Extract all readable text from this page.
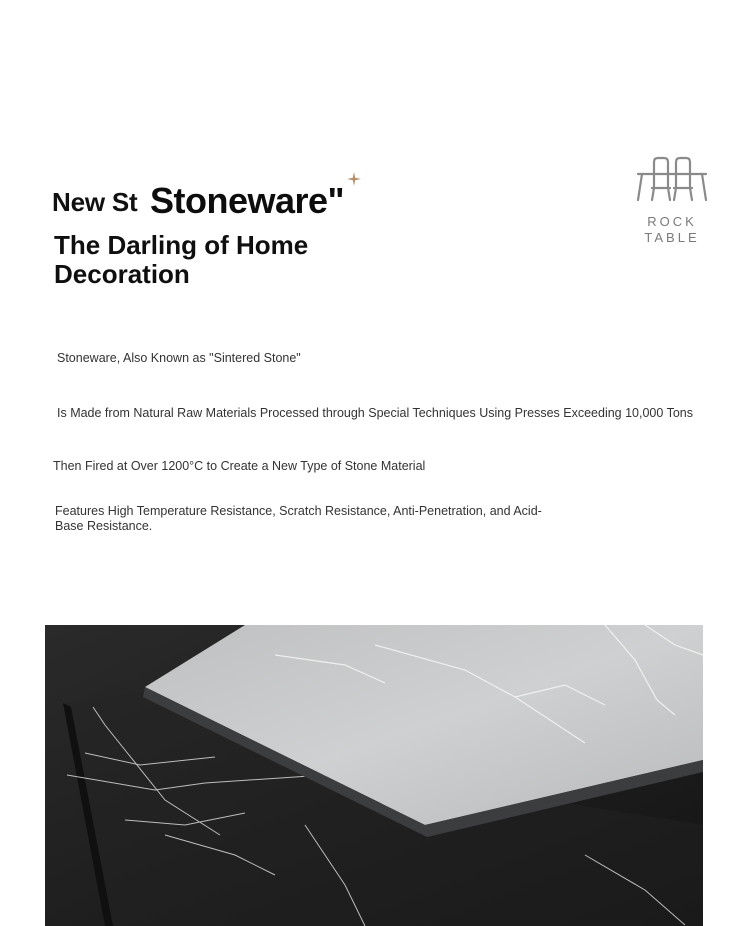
New St Stoneware"
The Darling of Home Decoration
ROCK
TABLE
Stoneware, Also Known as "Sintered Stone"
Is Made from Natural Raw Materials Processed through Special Techniques Using Presses Exceeding 10,000 Tons
Then Fired at Over 1200°C to Create a New Type of Stone Material
Features High Temperature Resistance, Scratch Resistance, Anti-Penetration, and Acid-Base Resistance.
